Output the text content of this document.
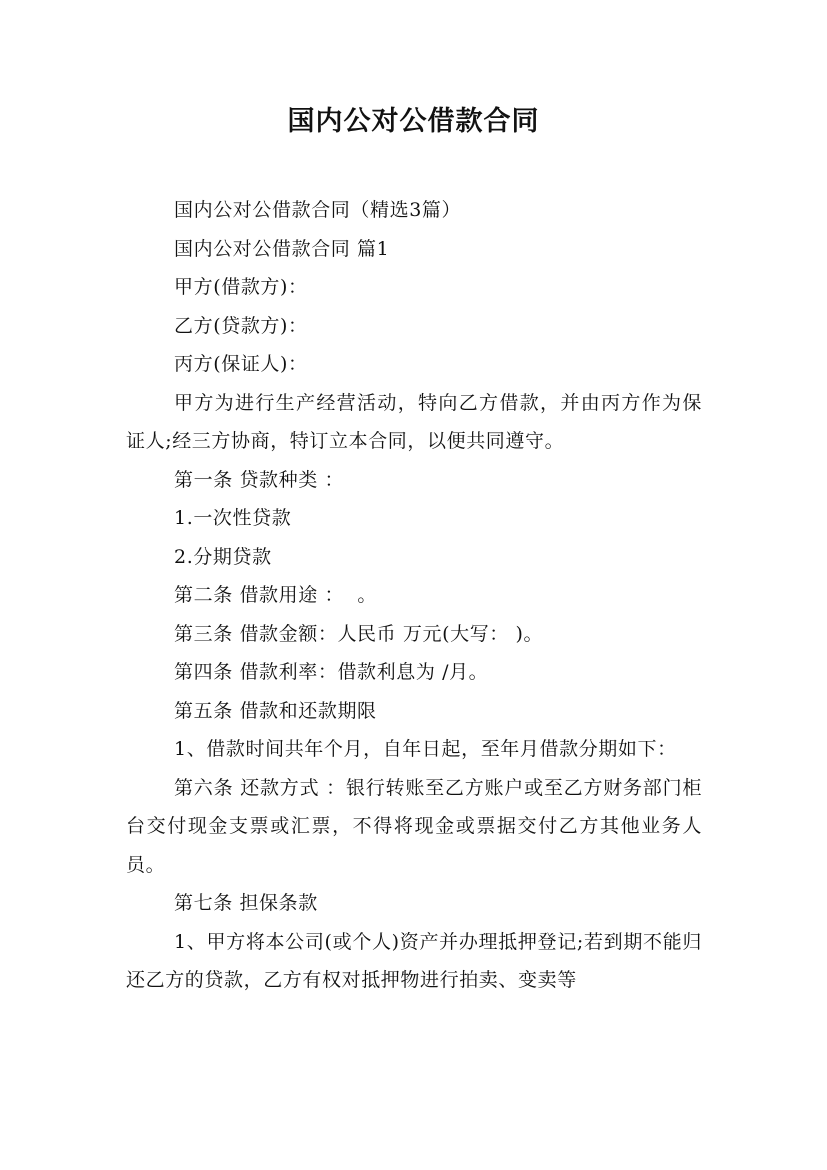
国内公对公借款合同

国内公对公借款合同（精选3篇）

国内公对公借款合同 篇1

甲方(借款方)：

乙方(贷款方)：

丙方(保证人)：

甲方为进行生产经营活动，特向乙方借款，并由丙方作为保证人;经三方协商，特订立本合同，以便共同遵守。

第一条 贷款种类 ：

1.一次性贷款

2.分期贷款

第二条 借款用途 ：  。

第三条 借款金额：人民币 万元(大写： )。

第四条 借款利率：借款利息为 /月。

第五条 借款和还款期限

1、借款时间共年个月，自年日起，至年月借款分期如下：

第六条 还款方式 ：银行转账至乙方账户或至乙方财务部门柜台交付现金支票或汇票，不得将现金或票据交付乙方其他业务人员。

第七条 担保条款

1、甲方将本公司(或个人)资产并办理抵押登记;若到期不能归还乙方的贷款，乙方有权对抵押物进行拍卖、变卖等
